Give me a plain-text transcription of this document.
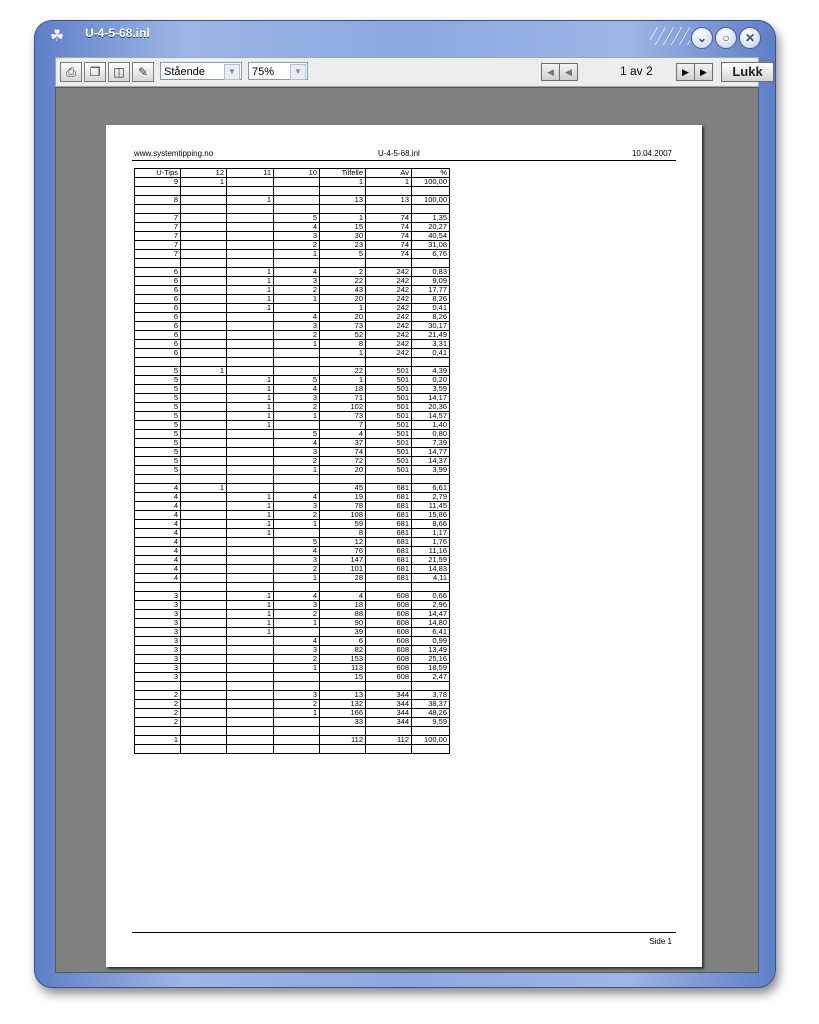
☘ U-4-5-68.inl	⌄	○	✕
⎙	❐	◫	✎	Stående	▼	75%	▼	◀	◀	1 av 2	▶	▶	Lukk
www.systemtipping.no	U-4-5-68.inl	10.04.2007
U-Tips	12	11	10	Tilfelle	Av	%
9	1			1	1	100,00

8		1		13	13	100,00

7			5	1	74	1,35
7			4	15	74	20,27
7			3	30	74	40,54
7			2	23	74	31,08
7			1	5	74	6,76

6		1	4	2	242	0,83
6		1	3	22	242	9,09
6		1	2	43	242	17,77
6		1	1	20	242	8,26
6		1		1	242	0,41
6			4	20	242	8,26
6			3	73	242	30,17
6			2	52	242	21,49
6			1	8	242	3,31
6				1	242	0,41

5	1			22	501	4,39
5		1	5	1	501	0,20
5		1	4	18	501	3,59
5		1	3	71	501	14,17
5		1	2	102	501	20,36
5		1	1	73	501	14,57
5		1		7	501	1,40
5			5	4	501	0,80
5			4	37	501	7,39
5			3	74	501	14,77
5			2	72	501	14,37
5			1	20	501	3,99

4	1			45	681	6,61
4		1	4	19	681	2,79
4		1	3	78	681	11,45
4		1	2	108	681	15,86
4		1	1	59	681	8,66
4		1		8	681	1,17
4			5	12	681	1,76
4			4	76	681	11,16
4			3	147	681	21,59
4			2	101	681	14,83
4			1	28	681	4,11

3		1	4	4	608	0,66
3		1	3	18	608	2,96
3		1	2	88	608	14,47
3		1	1	90	608	14,80
3		1		39	608	6,41
3			4	6	608	0,99
3			3	82	608	13,49
3			2	153	608	25,16
3			1	113	608	18,59
3				15	608	2,47

2			3	13	344	3,78
2			2	132	344	38,37
2			1	166	344	48,26
2				33	344	9,59

1				112	112	100,00

Side 1
